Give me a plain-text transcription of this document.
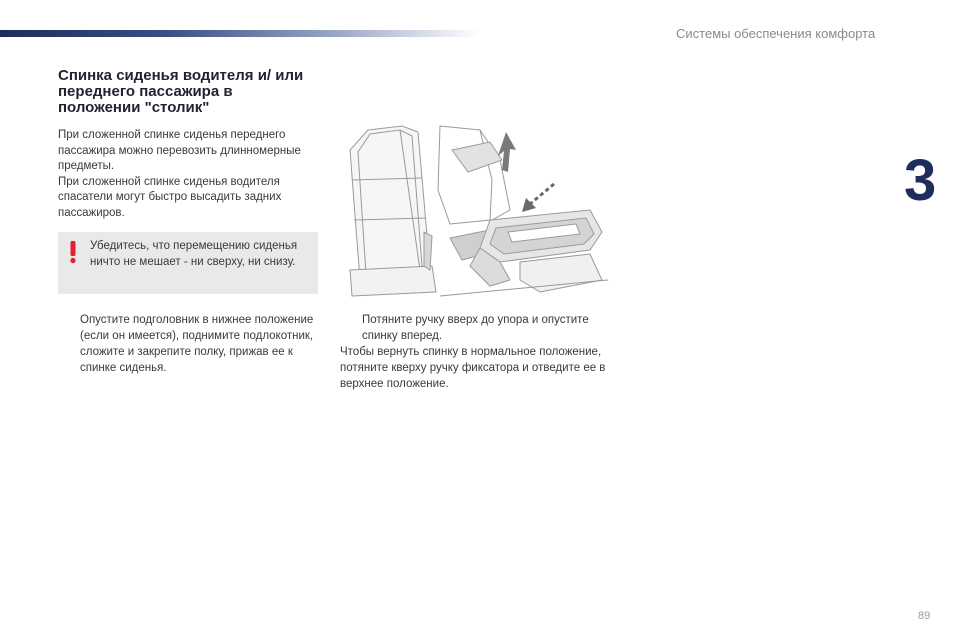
Системы обеспечения комфорта
3
Спинка сиденья водителя и/ или переднего пассажира в положении "столик"

При сложенной спинке сиденья переднего пассажира можно перевозить длинномерные предметы.

При сложенной спинке сиденья водителя спасатели могут быстро высадить задних пассажиров.

Убедитесь, что перемещению сиденья ничто не мешает - ни сверху, ни снизу.
Опустите подголовник в нижнее положение (если он имеется), поднимите подлокотник, сложите и закрепите полку, прижав ее к спинке сиденья.
Потяните ручку вверх до упора и опустите спинку вперед.
Чтобы вернуть спинку в нормальное положение, потяните кверху ручку фиксатора и отведите ее в верхнее положение.
89
